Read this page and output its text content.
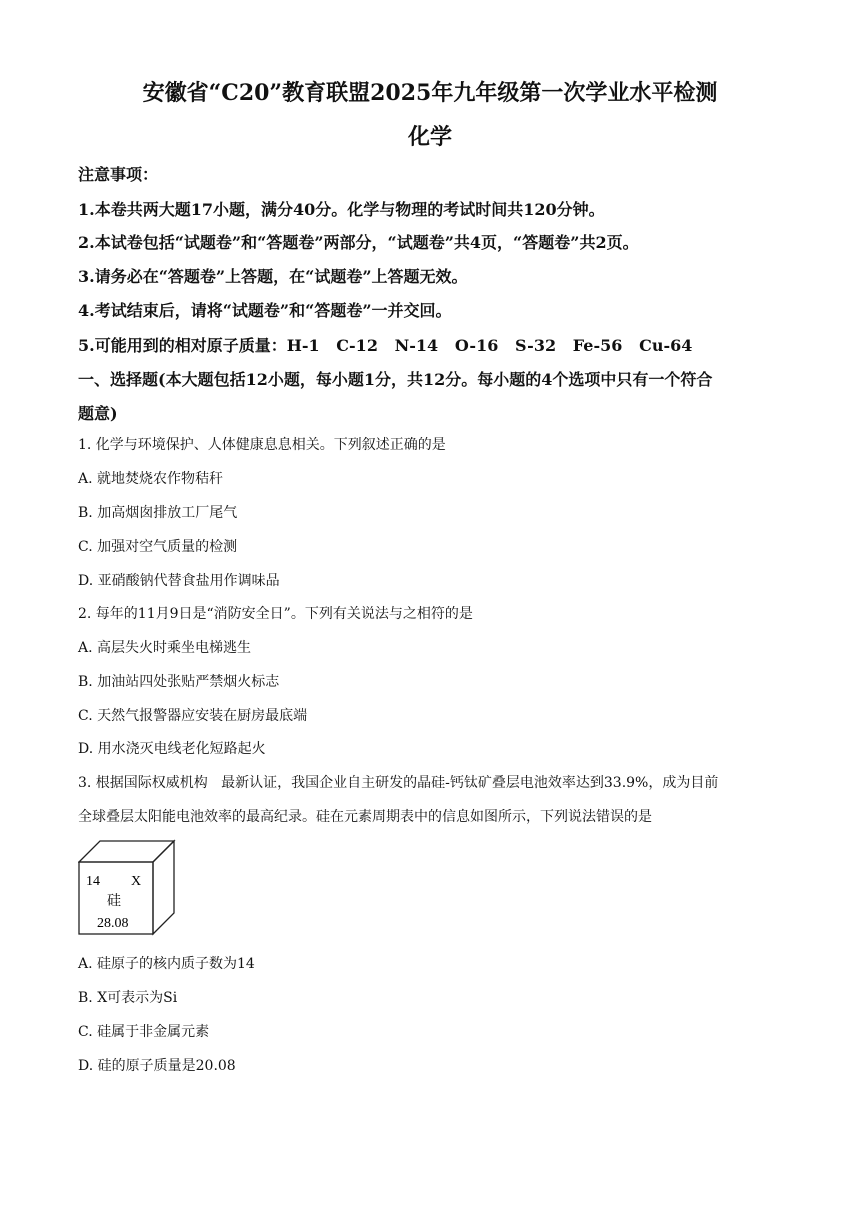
安徽省“C20”教育联盟2025年九年级第一次学业水平检测
化学
注意事项：
1.本卷共两大题17小题，满分40分。化学与物理的考试时间共120分钟。
2.本试卷包括“试题卷”和“答题卷”两部分，“试题卷”共4页，“答题卷”共2页。
3.请务必在“答题卷”上答题，在“试题卷”上答题无效。
4.考试结束后，请将“试题卷”和“答题卷”一并交回。
5.可能用到的相对原子质量：H-1   C-12   N-14   O-16   S-32   Fe-56   Cu-64
一、选择题(本大题包括12小题，每小题1分，共12分。每小题的4个选项中只有一个符合
题意)
1. 化学与环境保护、人体健康息息相关。下列叙述正确的是
A. 就地焚烧农作物秸秆
B. 加高烟囱排放工厂尾气
C. 加强对空气质量的检测
D. 亚硝酸钠代替食盐用作调味品
2. 每年的11月9日是“消防安全日”。下列有关说法与之相符的是
A. 高层失火时乘坐电梯逃生
B. 加油站四处张贴严禁烟火标志
C. 天然气报警器应安装在厨房最底端
D. 用水浇灭电线老化短路起火
3. 根据国际权威机构   最新认证，我国企业自主研发的晶硅-钙钛矿叠层电池效率达到33.9%，成为目前
全球叠层太阳能电池效率的最高纪录。硅在元素周期表中的信息如图所示，下列说法错误的是
14 X
硅
28.08
A. 硅原子的核内质子数为14
B. X可表示为Si
C. 硅属于非金属元素
D. 硅的原子质量是20.08
